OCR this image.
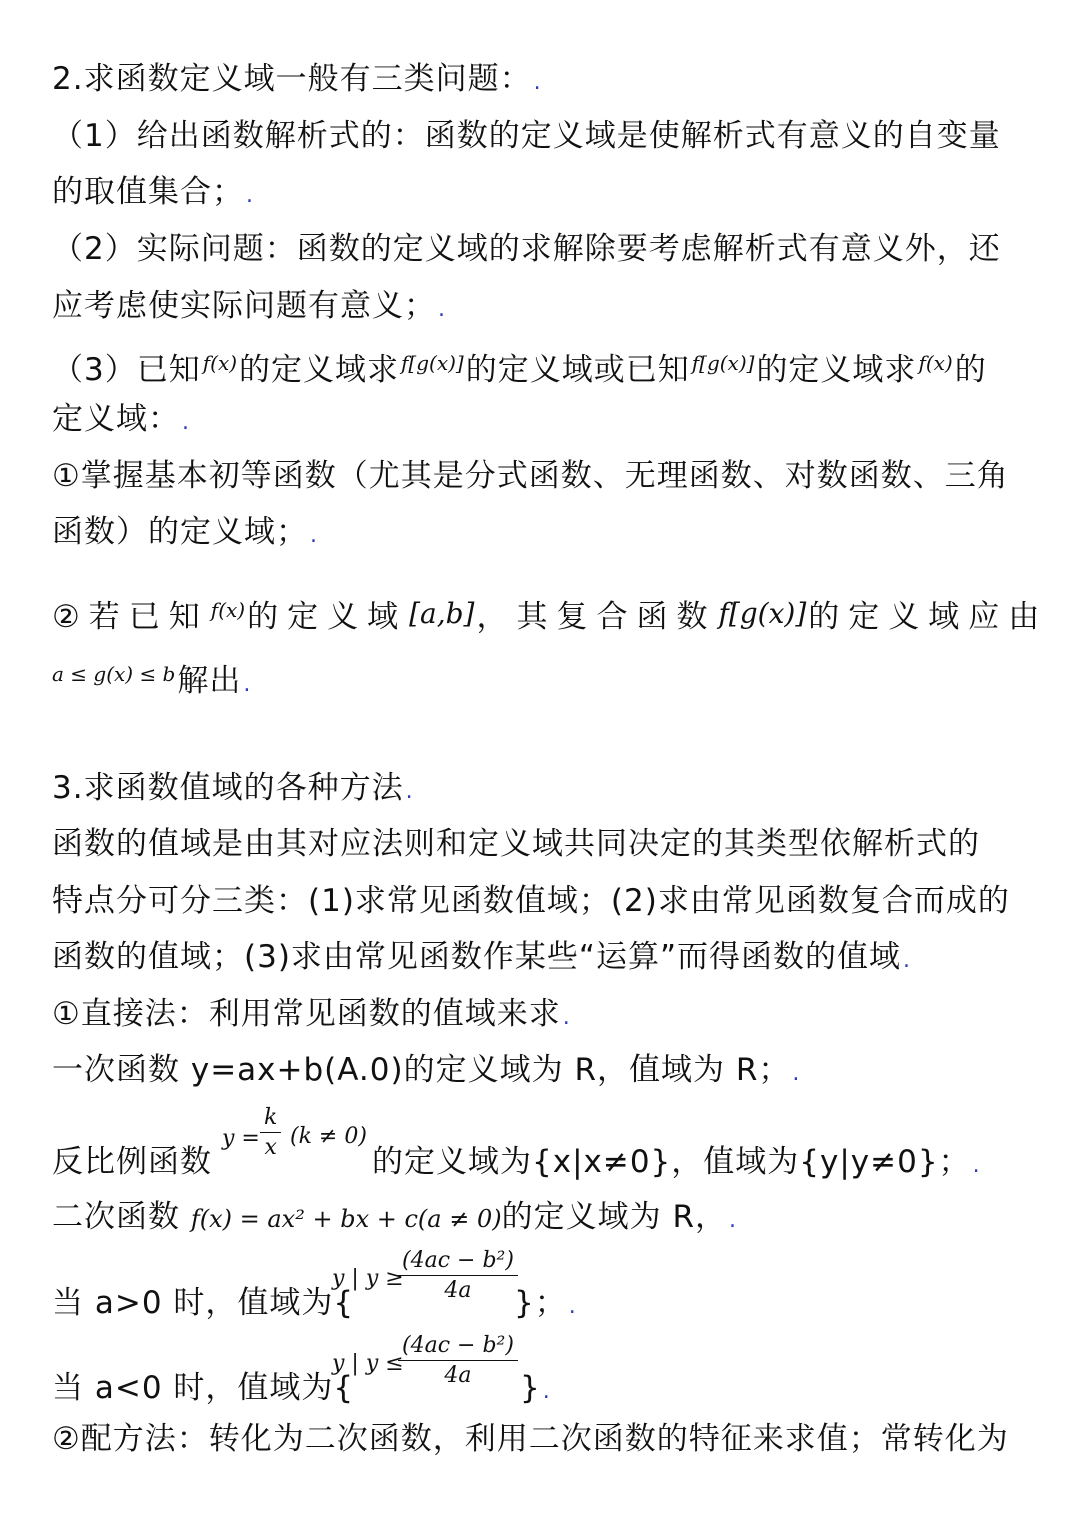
2.求函数定义域一般有三类问题：.
（1）给出函数解析式的：函数的定义域是使解析式有意义的自变量
的取值集合；.
（2）实际问题：函数的定义域的求解除要考虑解析式有意义外，还
应考虑使实际问题有意义；.
（3）已知 $^{f(x)}$的定义域求 $^{f[g(x)]}$的定义域或已知 $^{f[g(x)]}$的定义域求 $^{f(x)}$的
定义域：.
①掌握基本初等函数（尤其是分式函数、无理函数、对数函数、三角
函数）的定义域；.
②若已知 $^{f(x)}$的定义域[a,b]，其复合函数f[g(x)]的定义域应由
$^{a \le g(x) \le b}$解出.
3.求函数值域的各种方法.
函数的值域是由其对应法则和定义域共同决定的其类型依解析式的
特点分可分三类：(1)求常见函数值域；(2)求由常见函数复合而成的
函数的值域；(3)求由常见函数作某些“运算”而得函数的值域.
①直接法：利用常见函数的值域来求.
一次函数 y=ax+b(A.0)的定义域为 R，值域为 R；.
反比例函数
$y = \frac{k}{x} (k \ne 0)$
的定义域为{x|x≠0}，值域为{y|y≠0}；.
二次函数 f(x) = ax² + bx + c(a ≠ 0)的定义域为 R，.
当 a>0 时，值域为{
y | y ≥
$\frac{\text{(4ac − b²)}}{4a}$
}；.
当 a<0 时，值域为{
y | y ≤
$\frac{\text{(4ac − b²)}}{4a}$ }.
②配方法：转化为二次函数，利用二次函数的特征来求值；常转化为
